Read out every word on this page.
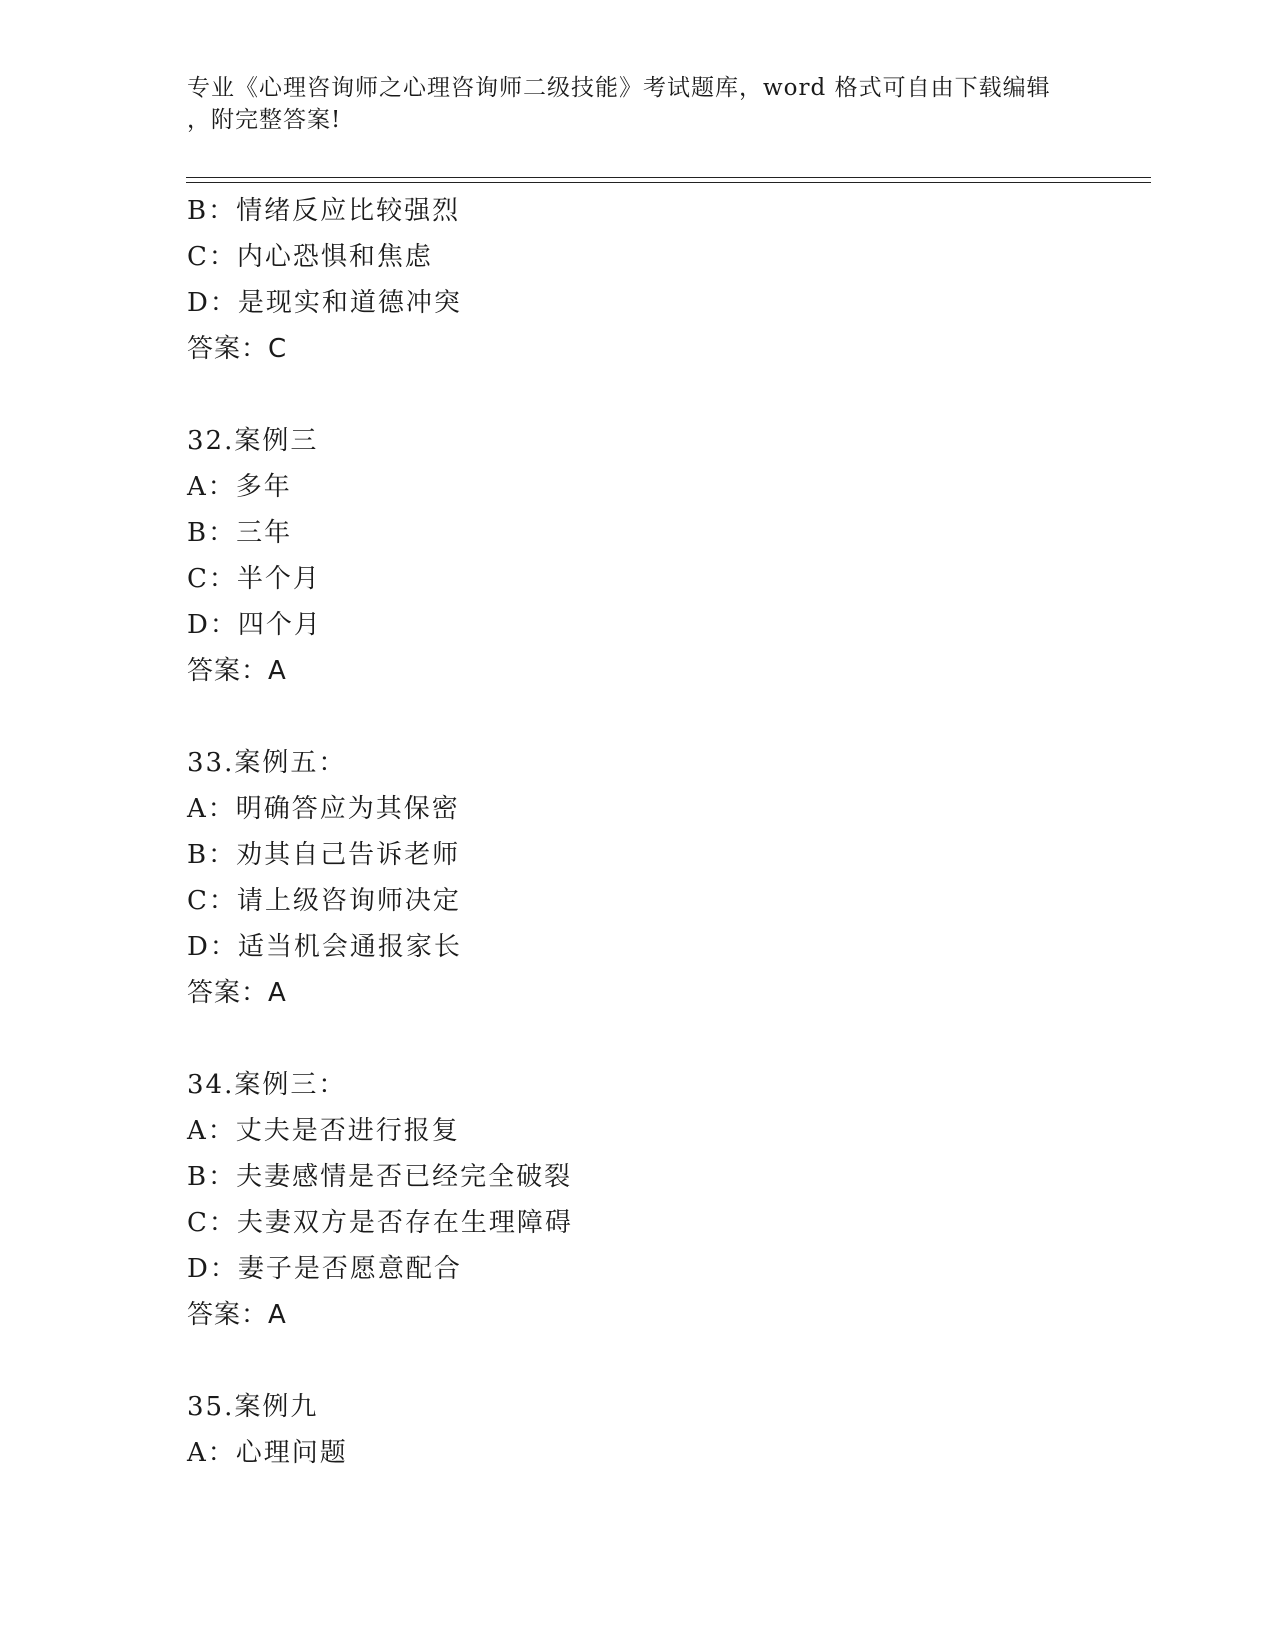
专业《心理咨询师之心理咨询师二级技能》考试题库，word 格式可自由下载编辑
，附完整答案!
B：情绪反应比较强烈
C：内心恐惧和焦虑
D：是现实和道德冲突
答案：C
32.案例三
A：多年
B：三年
C：半个月
D：四个月
答案：A
33.案例五：
A：明确答应为其保密
B：劝其自己告诉老师
C：请上级咨询师决定
D：适当机会通报家长
答案：A
34.案例三：
A：丈夫是否进行报复
B：夫妻感情是否已经完全破裂
C：夫妻双方是否存在生理障碍
D：妻子是否愿意配合
答案：A
35.案例九
A：心理问题
